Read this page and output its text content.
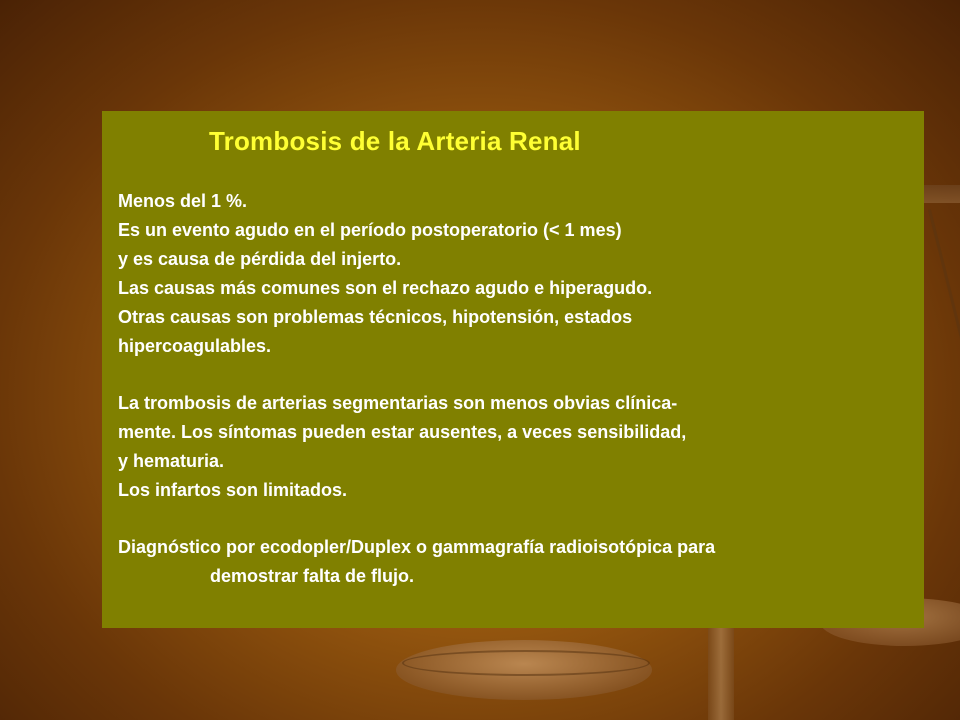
Trombosis de la Arteria Renal
Menos del 1 %.
Es un evento agudo en el período postoperatorio (< 1 mes)
y es causa de pérdida del injerto.
Las causas más comunes son el rechazo agudo e hiperagudo.
Otras causas son problemas técnicos, hipotensión, estados
hipercoagulables.
La trombosis de arterias segmentarias son menos obvias clínica-
mente. Los síntomas pueden estar ausentes, a veces sensibilidad,
y hematuria.
Los infartos son limitados.
Diagnóstico por ecodopler/Duplex o gammagrafía radioisotópica para
demostrar falta de flujo.
